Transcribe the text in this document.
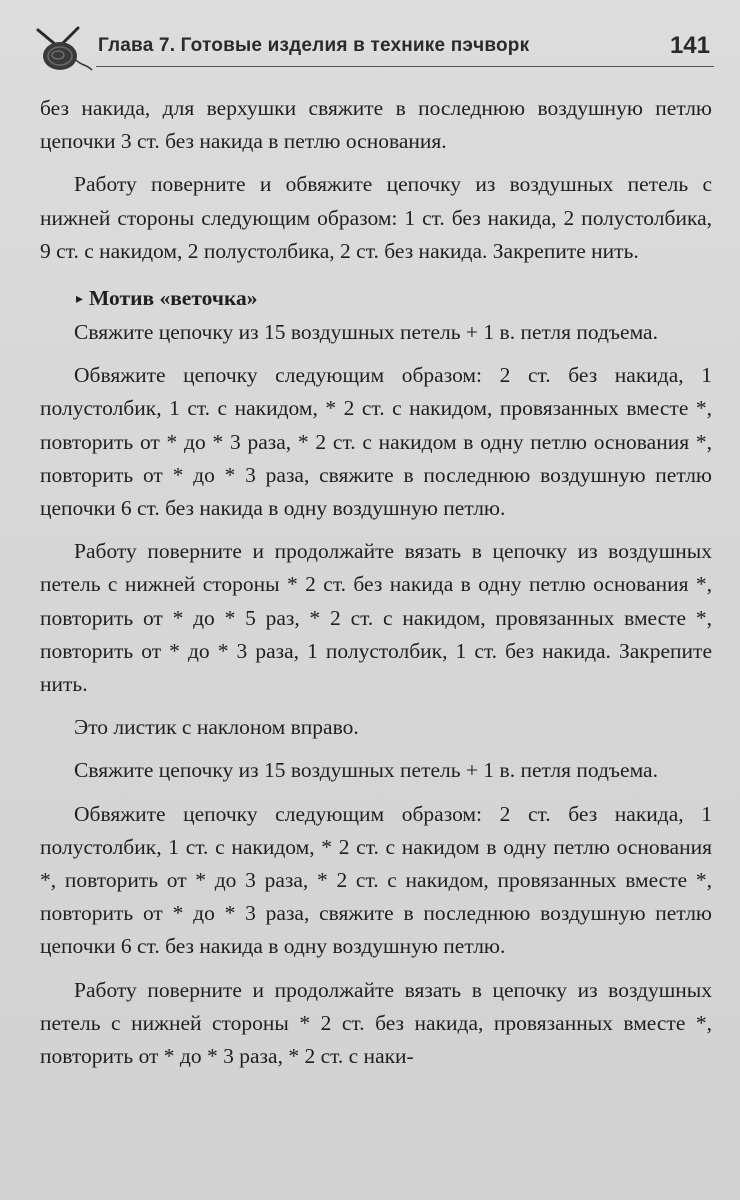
Глава 7. Готовые изделия в технике пэчворк	141

без накида, для верхушки свяжите в последнюю воздушную петлю цепочки 3 ст. без накида в петлю основания.

Работу поверните и обвяжите цепочку из воздушных петель с нижней стороны следующим образом: 1 ст. без накида, 2 полустолбика, 9 ст. с накидом, 2 полустолбика, 2 ст. без накида. Закрепите нить.

▸ Мотив «веточка»

Свяжите цепочку из 15 воздушных петель + 1 в. петля подъема.

Обвяжите цепочку следующим образом: 2 ст. без накида, 1 полустолбик, 1 ст. с накидом, * 2 ст. с накидом, провязанных вместе *, повторить от * до * 3 раза, * 2 ст. с накидом в одну петлю основания *, повторить от * до * 3 раза, свяжите в последнюю воздушную петлю цепочки 6 ст. без накида в одну воздушную петлю.

Работу поверните и продолжайте вязать в цепочку из воздушных петель с нижней стороны * 2 ст. без накида в одну петлю основания *, повторить от * до * 5 раз, * 2 ст. с накидом, провязанных вместе *, повторить от * до * 3 раза, 1 полустолбик, 1 ст. без накида. Закрепите нить.

Это листик с наклоном вправо.

Свяжите цепочку из 15 воздушных петель + 1 в. петля подъема.

Обвяжите цепочку следующим образом: 2 ст. без накида, 1 полустолбик, 1 ст. с накидом, * 2 ст. с накидом в одну петлю основания *, повторить от * до 3 раза, * 2 ст. с накидом, провязанных вместе *, повторить от * до * 3 раза, свяжите в последнюю воздушную петлю цепочки 6 ст. без накида в одну воздушную петлю.

Работу поверните и продолжайте вязать в цепочку из воздушных петель с нижней стороны * 2 ст. без накида, провязанных вместе *, повторить от * до * 3 раза, * 2 ст. с наки-
